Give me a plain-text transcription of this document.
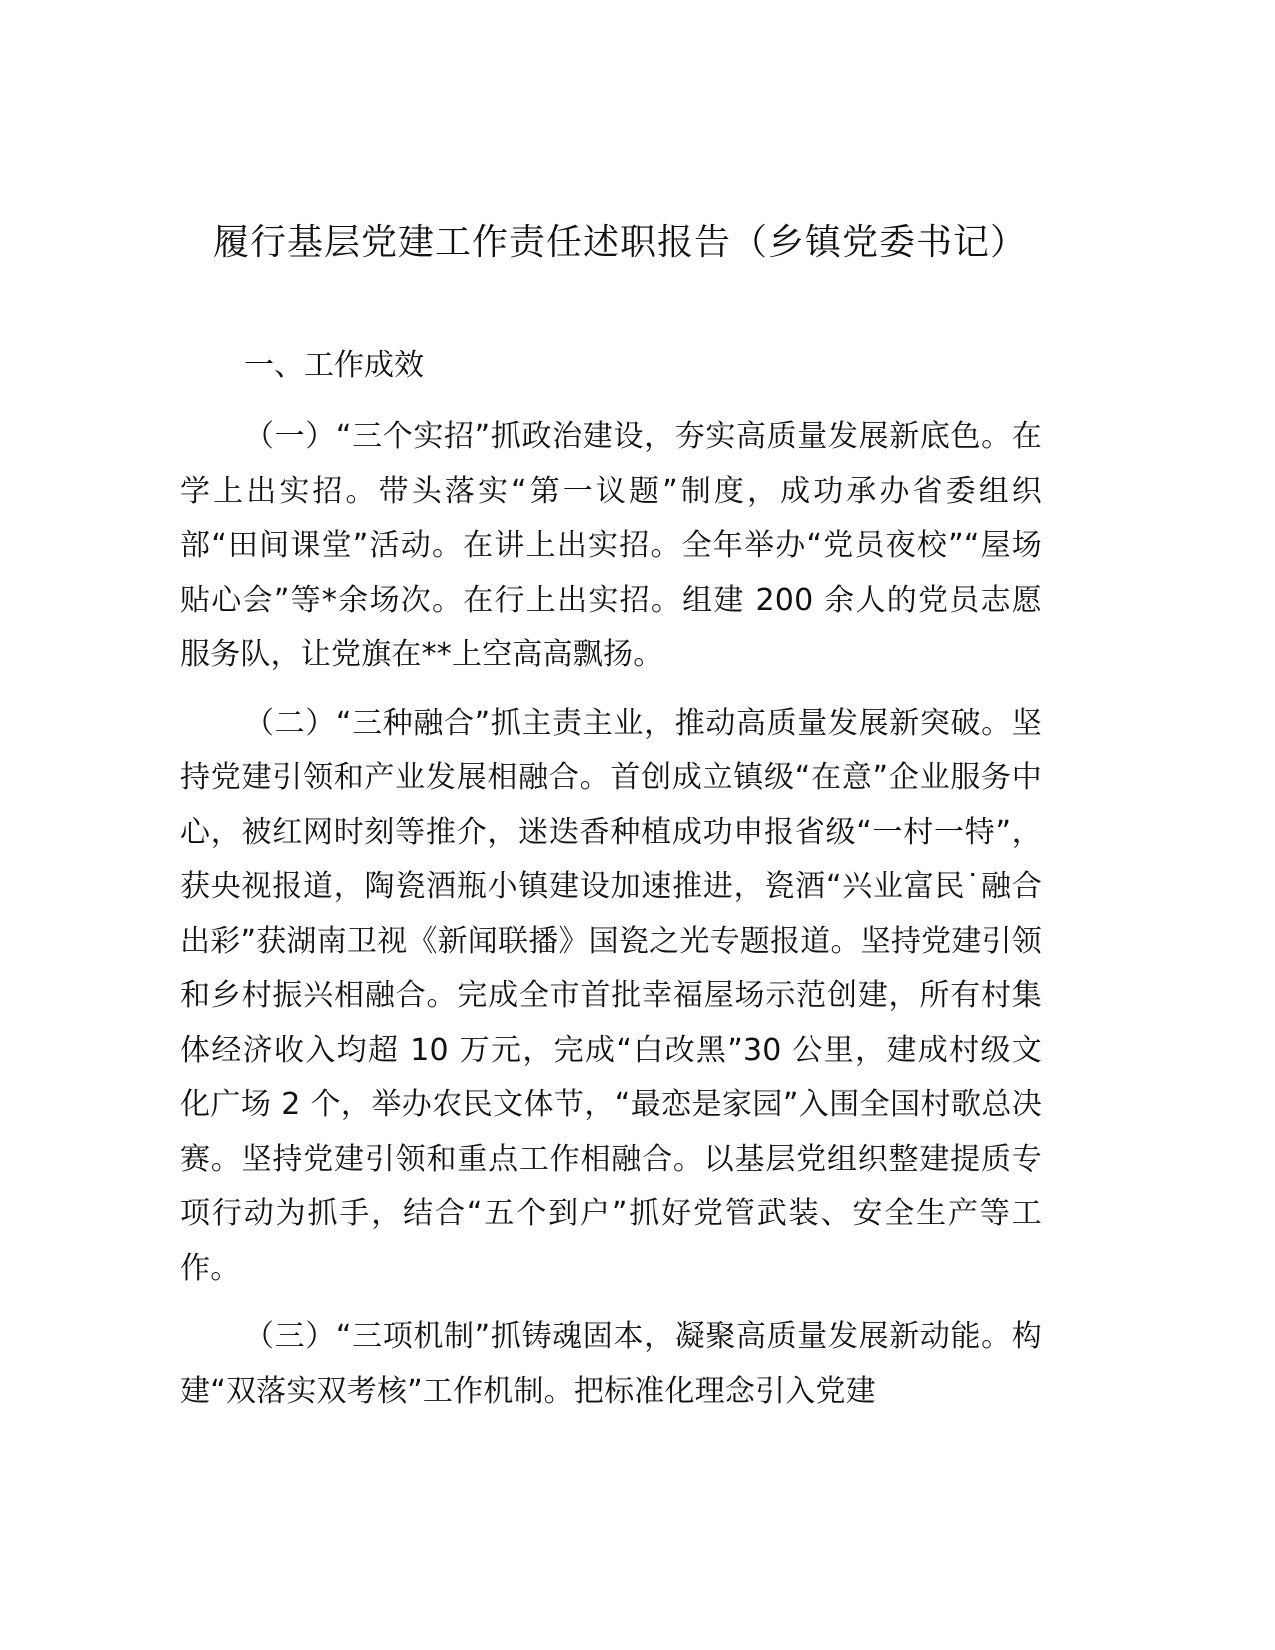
履行基层党建工作责任述职报告（乡镇党委书记）

一、工作成效

（一）“三个实招”抓政治建设，夯实高质量发展新底色。在学上出实招。带头落实“第一议题”制度，成功承办省委组织部“田间课堂”活动。在讲上出实招。全年举办“党员夜校”“屋场贴心会”等*余场次。在行上出实招。组建 200 余人的党员志愿服务队，让党旗在**上空高高飘扬。

（二）“三种融合”抓主责主业，推动高质量发展新突破。坚持党建引领和产业发展相融合。首创成立镇级“在意”企业服务中心，被红网时刻等推介，迷迭香种植成功申报省级“一村一特”，获央视报道，陶瓷酒瓶小镇建设加速推进，瓷酒“兴业富民˙融合出彩”获湖南卫视《新闻联播》国瓷之光专题报道。坚持党建引领和乡村振兴相融合。完成全市首批幸福屋场示范创建，所有村集体经济收入均超 10 万元，完成“白改黑”30 公里，建成村级文化广场 2 个，举办农民文体节，“最恋是家园”入围全国村歌总决赛。坚持党建引领和重点工作相融合。以基层党组织整建提质专项行动为抓手，结合“五个到户”抓好党管武装、安全生产等工作。

（三）“三项机制”抓铸魂固本，凝聚高质量发展新动能。构建“双落实双考核”工作机制。把标准化理念引入党建
